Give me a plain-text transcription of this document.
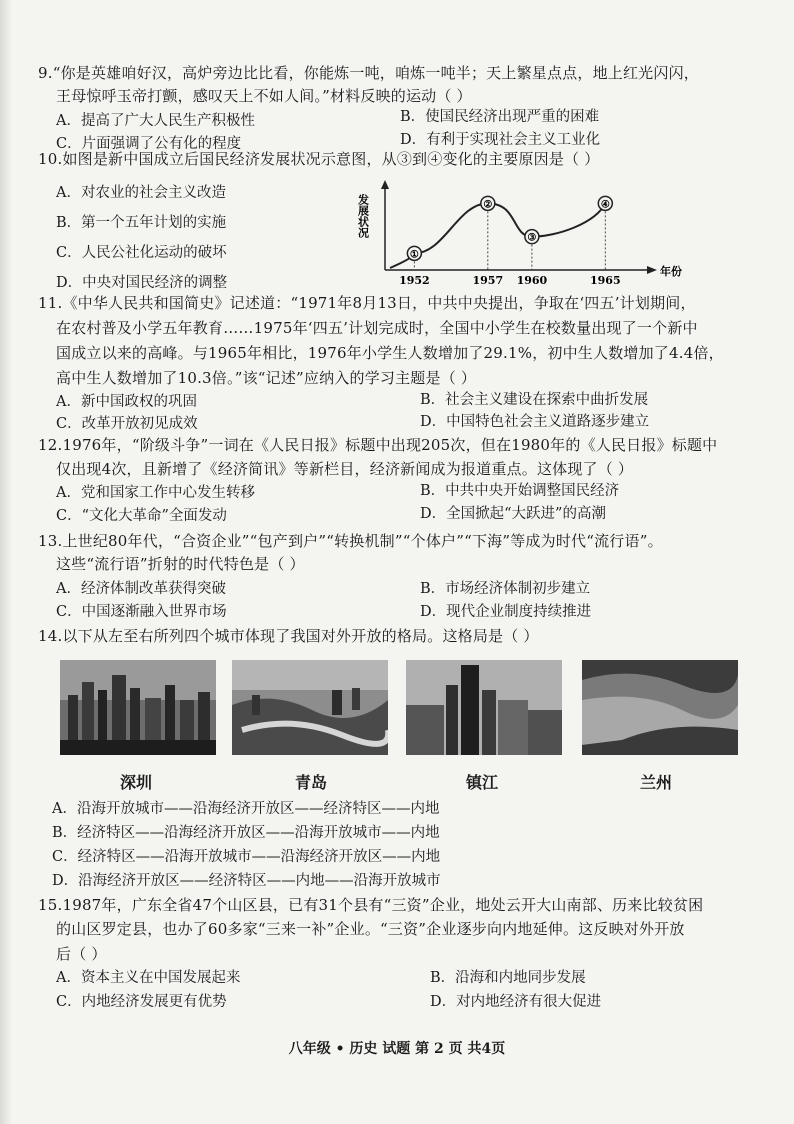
9.“你是英雄咱好汉，高炉旁边比比看，你能炼一吨，咱炼一吨半；天上繁星点点，地上红光闪闪，
王母惊呼玉帝打颤，感叹天上不如人间。”材料反映的运动（ ）
A．提高了广大人民生产积极性	B．使国民经济出现严重的困难
C．片面强调了公有化的程度	D．有利于实现社会主义工业化
10.如图是新中国成立后国民经济发展状况示意图，从③到④变化的主要原因是（ ）
A．对农业的社会主义改造
B．第一个五年计划的实施
C．人民公社化运动的破坏
D．中央对国民经济的调整
发展状况
年份
①
1952
②
1957
③
1960
④
1965
11.《中华人民共和国简史》记述道：“1971年8月13日，中共中央提出，争取在‘四五’计划期间，
在农村普及小学五年教育……1975年‘四五’计划完成时，全国中小学生在校数量出现了一个新中
国成立以来的高峰。与1965年相比，1976年小学生人数增加了29.1%，初中生人数增加了4.4倍，
高中生人数增加了10.3倍。”该“记述”应纳入的学习主题是（ ）
A．新中国政权的巩固	B．社会主义建设在探索中曲折发展
C．改革开放初见成效	D．中国特色社会主义道路逐步建立
12.1976年，“阶级斗争”一词在《人民日报》标题中出现205次，但在1980年的《人民日报》标题中
仅出现4次，且新增了《经济简讯》等新栏目，经济新闻成为报道重点。这体现了（ ）
A．党和国家工作中心发生转移	B．中共中央开始调整国民经济
C．“文化大革命”全面发动	D．全国掀起“大跃进”的高潮
13.上世纪80年代，“合资企业”“包产到户”“转换机制”“个体户”“下海”等成为时代“流行语”。
这些“流行语”折射的时代特色是（ ）
A．经济体制改革获得突破	B．市场经济体制初步建立
C．中国逐渐融入世界市场	D．现代企业制度持续推进
14.以下从左至右所列四个城市体现了我国对外开放的格局。这格局是（ ）
深圳	青岛	镇江	兰州
A．沿海开放城市——沿海经济开放区——经济特区——内地
B．经济特区——沿海经济开放区——沿海开放城市——内地
C．经济特区——沿海开放城市——沿海经济开放区——内地
D．沿海经济开放区——经济特区——内地——沿海开放城市
15.1987年，广东全省47个山区县，已有31个县有“三资”企业，地处云开大山南部、历来比较贫困
的山区罗定县，也办了60多家“三来一补”企业。“三资”企业逐步向内地延伸。这反映对外开放
后（ ）
A．资本主义在中国发展起来	B．沿海和内地同步发展
C．内地经济发展更有优势	D．对内地经济有很大促进
八年级 • 历史 试题 第 2 页 共4页
